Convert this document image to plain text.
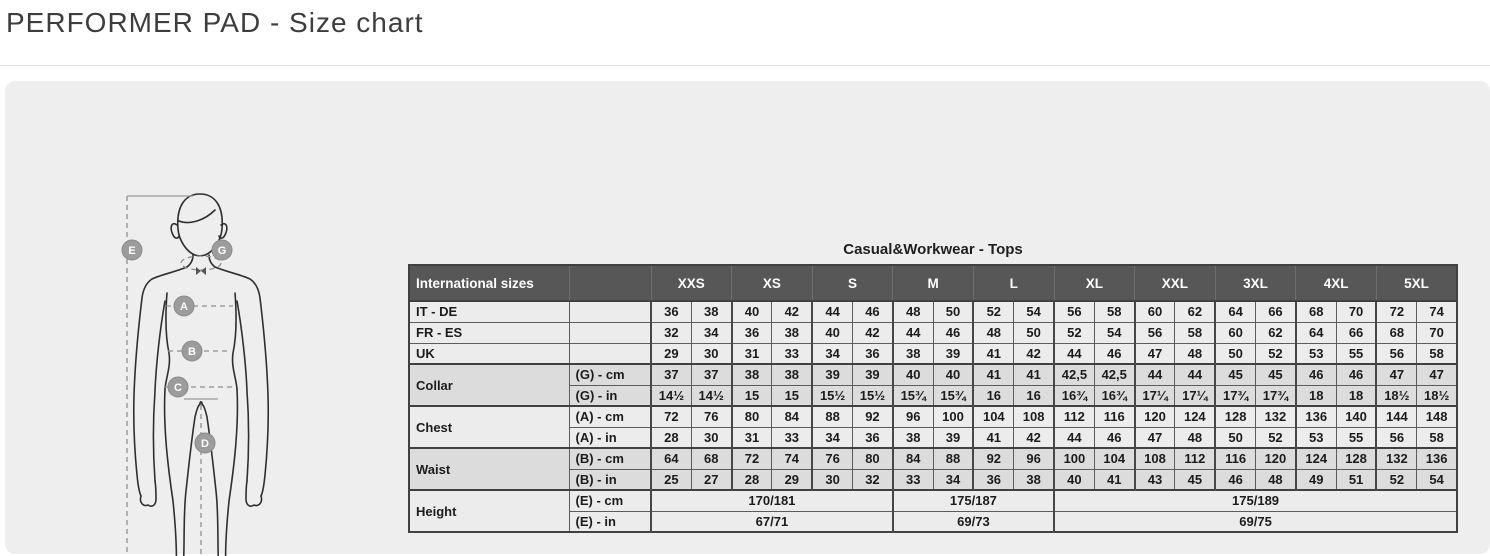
PERFORMER PAD - Size chart
E	G
A
B
C
D
Casual&Workwear - Tops
International sizes		XXS		XS		S		M		L		XL		XXL		3XL		4XL		5XL	
IT - DE		36	38	40	42	44	46	48	50	52	54	56	58	60	62	64	66	68	70	72	74
FR - ES		32	34	36	38	40	42	44	46	48	50	52	54	56	58	60	62	64	66	68	70
UK		29	30	31	33	34	36	38	39	41	42	44	46	47	48	50	52	53	55	56	58
Collar	(G) - cm	37	37	38	38	39	39	40	40	41	41	42,5	42,5	44	44	45	45	46	46	47	47
	(G) - in	14½	14½	15	15	15½	15½	15¾	15¾	16	16	16¾	16¾	17¼	17¼	17¾	17¾	18	18	18½	18½
Chest	(A) - cm	72	76	80	84	88	92	96	100	104	108	112	116	120	124	128	132	136	140	144	148
	(A) - in	28	30	31	33	34	36	38	39	41	42	44	46	47	48	50	52	53	55	56	58
Waist	(B) - cm	64	68	72	74	76	80	84	88	92	96	100	104	108	112	116	120	124	128	132	136
	(B) - in	25	27	28	29	30	32	33	34	36	38	40	41	43	45	46	48	49	51	52	54
Height	(E) - cm	170/181						175/187				175/189									
	(E) - in	67/71						69/73				69/75									
